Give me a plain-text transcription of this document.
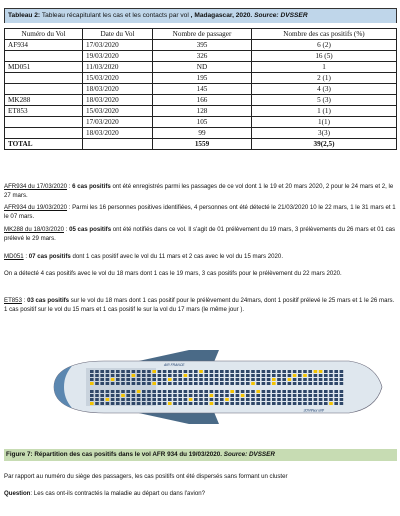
Tableau 2: Tableau récapitulant les cas et les contacts par vol , Madagascar, 2020. Source: DVSSER
Numéro du Vol	Date du Vol	Nombre de passager	Nombre des cas positifs (%)
AF934	17/03/2020	395	6 (2)
	19/03/2020	326	16 (5)
MD051	11/03/2020	ND	1
	15/03/2020	195	2 (1)
	18/03/2020	145	4 (3)
MK288	18/03/2020	166	5 (3)
ET853	15/03/2020	128	1 (1)
	17/03/2020	105	1(1)
	18/03/2020	99	3(3)
TOTAL		1559	39(2,5)

AFR934 du 17/03/2020 : 6 cas positifs ont été enregistrés parmi les passages de ce vol dont 1 le 19 et 20 mars 2020, 2 pour le 24 mars et 2, le 27 mars.

AFR934 du 19/03/2020 : Parmi les 16 personnes positives identifiées, 4 personnes ont été détecté le 21/03/2020 10 le 22 mars, 1 le 31 mars et 1 le 07 mars.

MK288 du 18/03/2020 : 05 cas positifs ont été notifiés dans ce vol. Il s'agit de 01 prélèvement du 19 mars, 3 prélèvements du 26 mars et 01 cas prélevé le 29 mars.

MD051 : 07 cas positifs dont 1 cas positif avec le vol du 11 mars et 2 cas avec le vol du 15 mars 2020.

On a détecté 4 cas positifs avec le vol du 18 mars dont 1 cas le 19 mars, 3 cas positifs pour le prélèvement du 22 mars 2020.

ET853 : 03 cas positifs sur le vol du 18 mars dont 1 cas positif pour le prélèvement du 24mars, dont 1 positif prélevé le 25 mars et 1 le 26 mars. 1 cas positif sur le vol du 15 mars et 1 cas positif le sur la vol du 17 mars (le même jour ).

AIR FRANCE
AIR FRANCE
Figure 7: Répartition des cas positifs dans le vol AFR 934 du 19/03/2020. Source: DVSSER

Par rapport au numéro du siège des passagers, les cas positifs ont été dispersés sans formant un cluster

Question: Les cas ont-ils contractés la maladie au départ ou dans l'avion?
